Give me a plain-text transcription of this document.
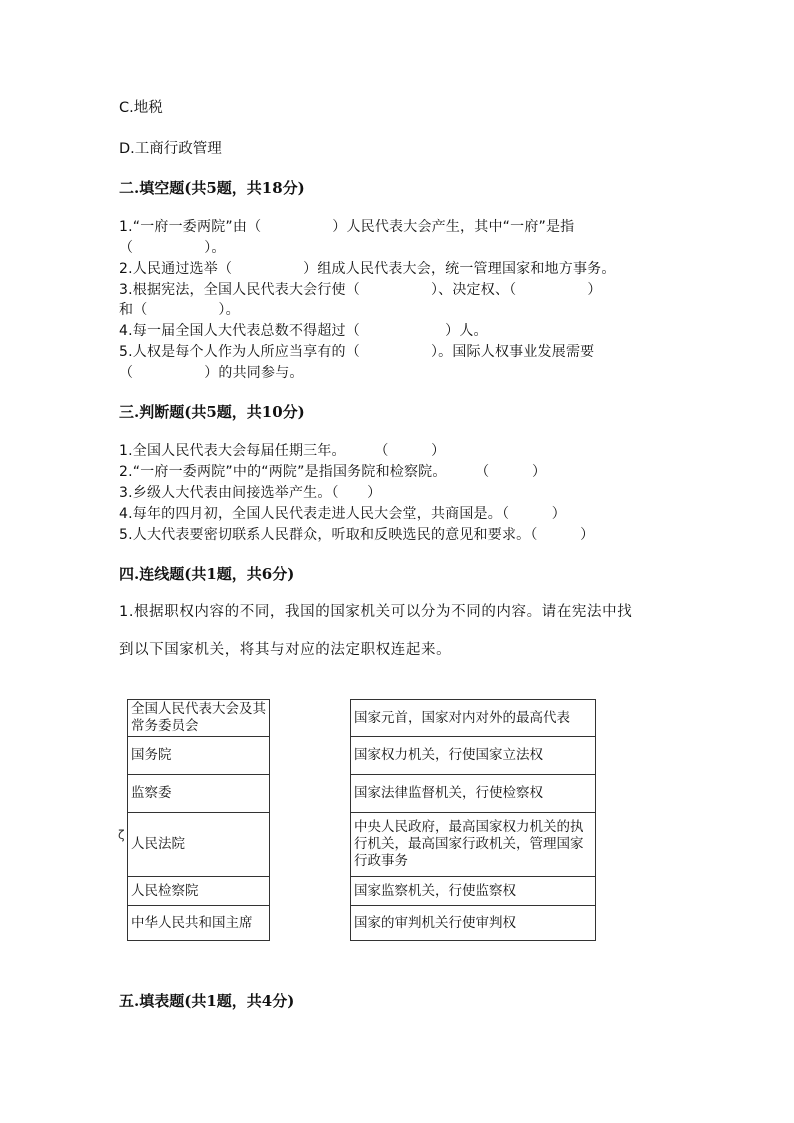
C.地税
D.工商行政管理
二.填空题(共5题，共18分)
1.“一府一委两院”由（　　　　　）人民代表大会产生，其中“一府”是指
（　　　　　）。
2.人民通过选举（　　　　　）组成人民代表大会，统一管理国家和地方事务。
3.根据宪法，全国人民代表大会行使（　　　　　）、决定权、（　　　　　）
和（　　　　　）。
4.每一届全国人大代表总数不得超过（　　　　　　）人。
5.人权是每个人作为人所应当享有的（　　　　　）。国际人权事业发展需要
（　　　　　）的共同参与。
三.判断题(共5题，共10分)
1.全国人民代表大会每届任期三年。　　　（　　　）
2.“一府一委两院”中的“两院”是指国务院和检察院。　　　（　　　）
3.乡级人大代表由间接选举产生。（　　）
4.每年的四月初，全国人民代表走进人民大会堂，共商国是。（　　　）
5.人大代表要密切联系人民群众，听取和反映选民的意见和要求。（　　　）
四.连线题(共1题，共6分)
1.根据职权内容的不同，我国的国家机关可以分为不同的内容。请在宪法中找
到以下国家机关，将其与对应的法定职权连起来。
全国人民代表大会及其常务委员会
国务院
监察委
人民法院
人民检察院
中华人民共和国主席
ζ
国家元首，国家对内对外的最高代表
国家权力机关，行使国家立法权
国家法律监督机关，行使检察权
中央人民政府，最高国家权力机关的执行机关，最高国家行政机关，管理国家行政事务
国家监察机关，行使监察权
国家的审判机关行使审判权
五.填表题(共1题，共4分)
